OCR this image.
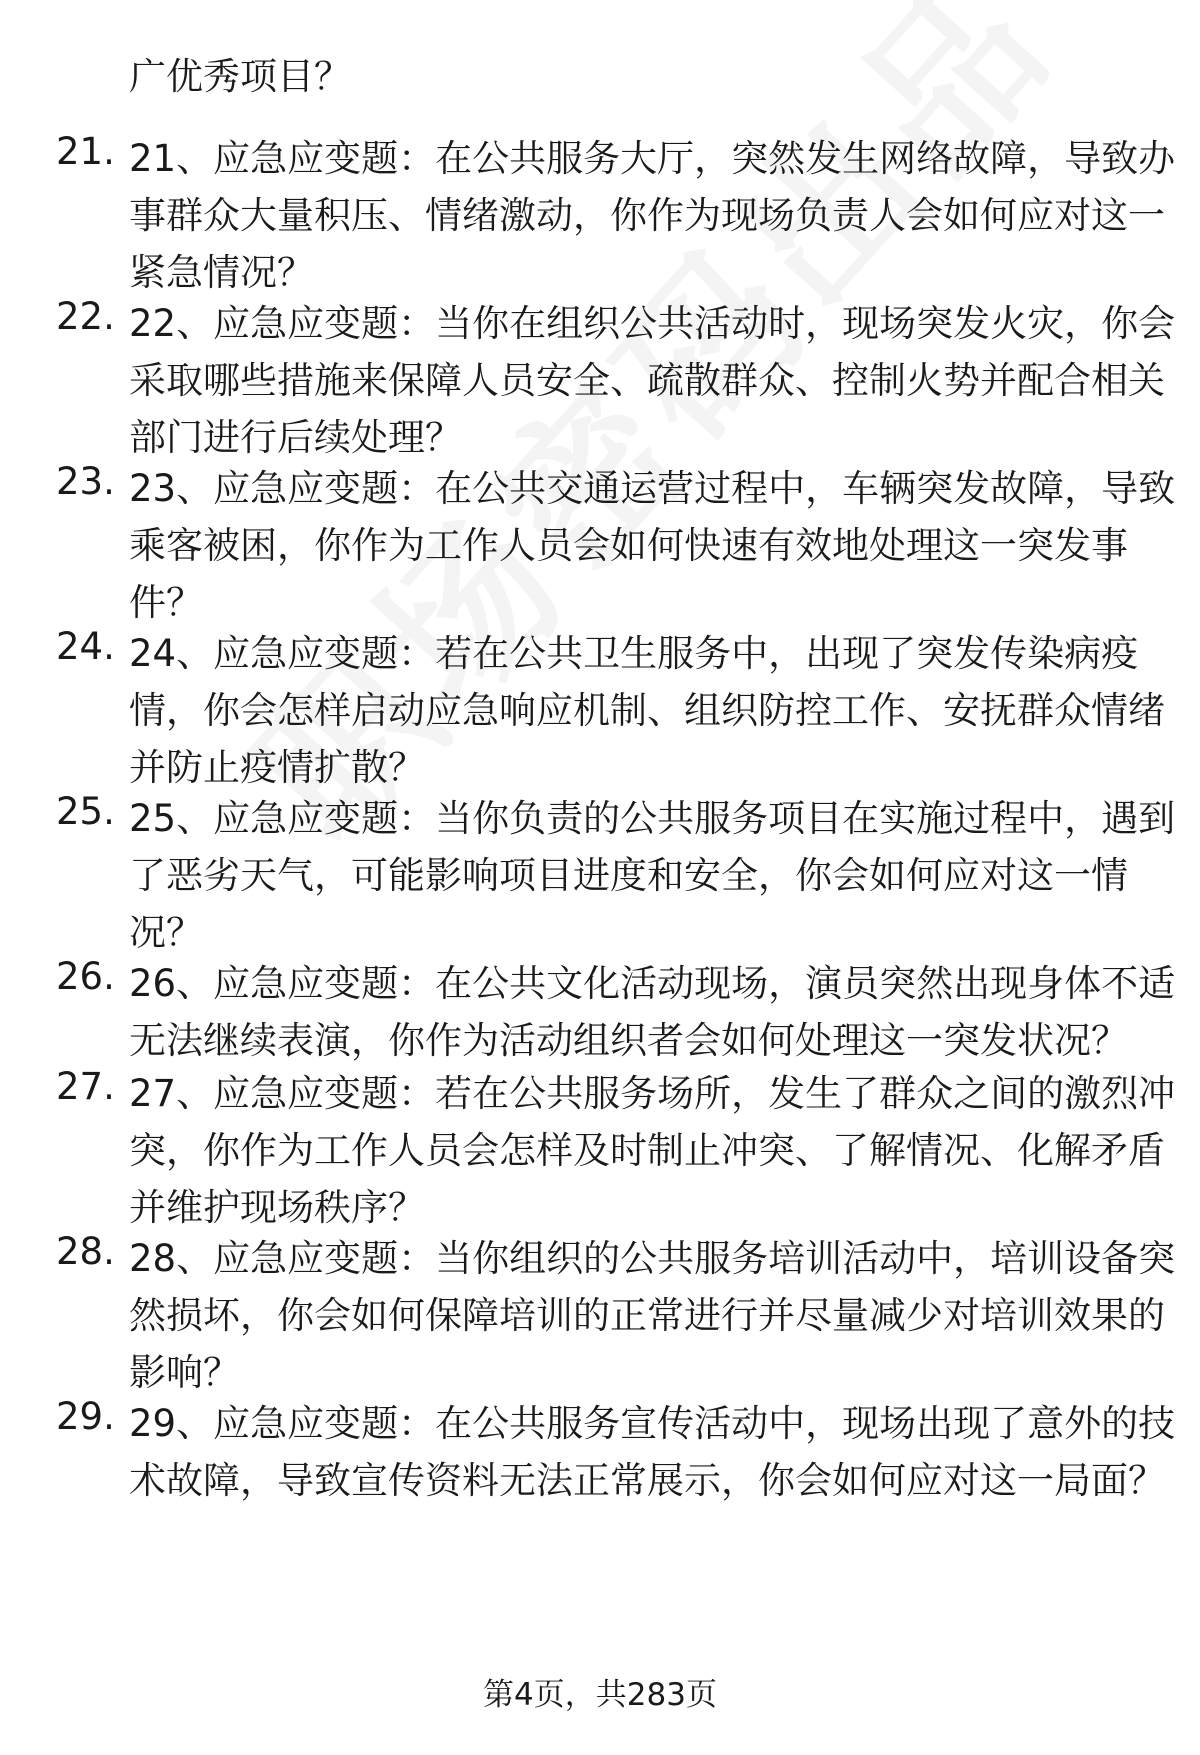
广优秀项目？
21. 21、应急应变题：在公共服务大厅，突然发生网络故障，导致办
事群众大量积压、情绪激动，你作为现场负责人会如何应对这一
紧急情况？
22. 22、应急应变题：当你在组织公共活动时，现场突发火灾，你会
采取哪些措施来保障人员安全、疏散群众、控制火势并配合相关
部门进行后续处理？
23. 23、应急应变题：在公共交通运营过程中，车辆突发故障，导致
乘客被困，你作为工作人员会如何快速有效地处理这一突发事
件？
24. 24、应急应变题：若在公共卫生服务中，出现了突发传染病疫
情，你会怎样启动应急响应机制、组织防控工作、安抚群众情绪
并防止疫情扩散？
25. 25、应急应变题：当你负责的公共服务项目在实施过程中，遇到
了恶劣天气，可能影响项目进度和安全，你会如何应对这一情
况？
26. 26、应急应变题：在公共文化活动现场，演员突然出现身体不适
无法继续表演，你作为活动组织者会如何处理这一突发状况？
27. 27、应急应变题：若在公共服务场所，发生了群众之间的激烈冲
突，你作为工作人员会怎样及时制止冲突、了解情况、化解矛盾
并维护现场秩序？
28. 28、应急应变题：当你组织的公共服务培训活动中，培训设备突
然损坏，你会如何保障培训的正常进行并尽量减少对培训效果的
影响？
29. 29、应急应变题：在公共服务宣传活动中，现场出现了意外的技
术故障，导致宣传资料无法正常展示，你会如何应对这一局面？
第4页，共283页
